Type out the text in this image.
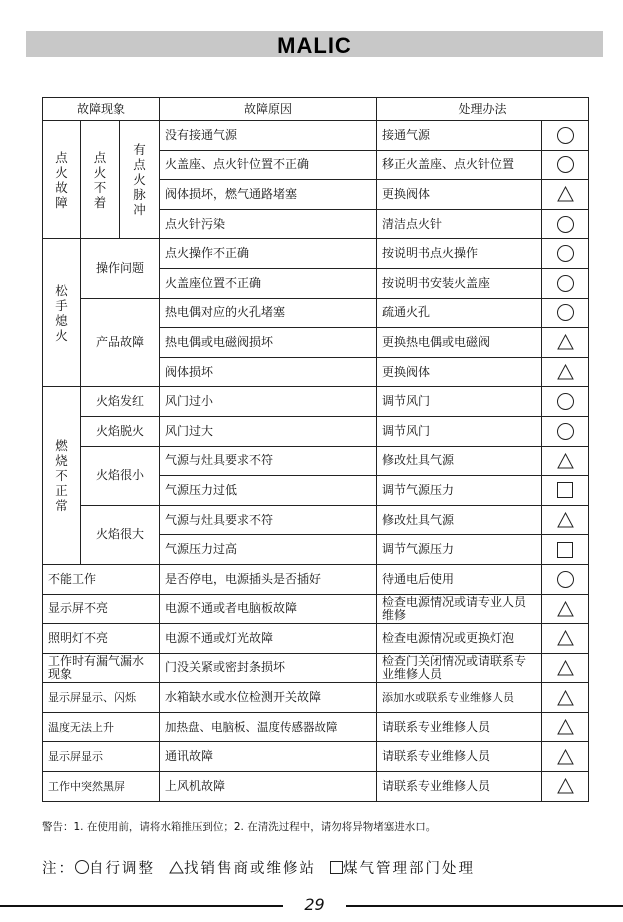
MALIC
故障现象			故障原因	处理办法	

点火故障	点火不着	有点火脉冲	没有接通气源	接通气源	
			火盖座、点火针位置不正确	移正火盖座、点火针位置	
			阀体损坏，燃气通路堵塞	更换阀体	
			点火针污染	清洁点火针	

松手熄火	操作问题		点火操作不正确	按说明书点火操作	
			火盖座位置不正确	按说明书安装火盖座	
	产品故障		热电偶对应的火孔堵塞	疏通火孔	
			热电偶或电磁阀损坏	更换热电偶或电磁阀	
			阀体损坏	更换阀体	

燃烧不正常	火焰发红		风门过小	调节风门	
	火焰脱火		风门过大	调节风门	
	火焰很小		气源与灶具要求不符	修改灶具气源	
			气源压力过低	调节气源压力	
	火焰很大		气源与灶具要求不符	修改灶具气源	
			气源压力过高	调节气源压力	
不能工作			是否停电，电源插头是否插好	待通电后使用	
显示屏不亮			电源不通或者电脑板故障	检查电源情况或请专业人员维修	
照明灯不亮			电源不通或灯光故障	检查电源情况或更换灯泡	
工作时有漏气漏水现象			门没关紧或密封条损坏	检查门关闭情况或请联系专业维修人员	
显示屏显示、闪烁			水箱缺水或水位检测开关故障	添加水或联系专业维修人员	
温度无法上升			加热盘、电脑板、温度传感器故障	请联系专业维修人员	
显示屏显示			通讯故障	请联系专业维修人员	
工作中突然黑屏			上风机故障	请联系专业维修人员	
警告：1. 在使用前，请将水箱推压到位；2. 在清洗过程中，请勿将异物堵塞进水口。
注： 自行调整 找销售商或维修站 煤气管理部门处理
29
